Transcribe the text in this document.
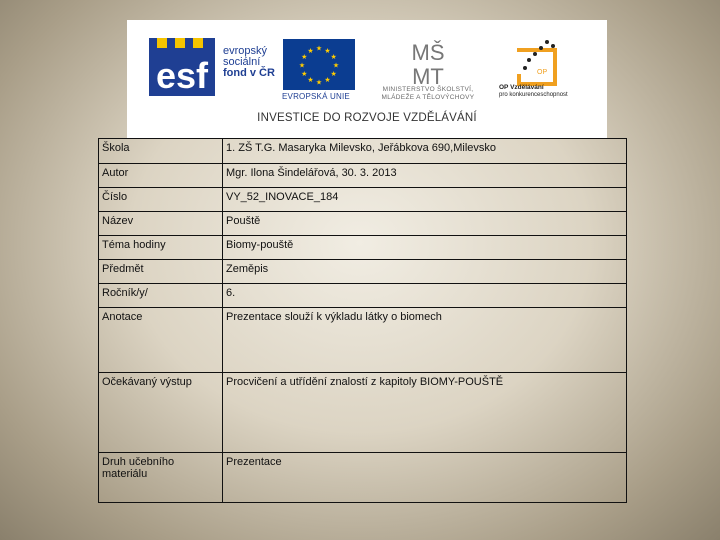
esf
evropský
sociální
fond v ČR
★ ★
★
★
★
★
★
★
★
★
★
★
EVROPSKÁ UNIE
MŠ
MT
MINISTERSTVO ŠKOLSTVÍ,
MLÁDEŽE A TĚLOVÝCHOVY
OP
OP Vzdělávání
pro konkurenceschopnost
INVESTICE DO ROZVOJE VZDĚLÁVÁNÍ
Škola	1. ZŠ T.G. Masaryka Milevsko, Jeřábkova 690,Milevsko
Autor	Mgr. Ilona Šindelářová, 30. 3. 2013
Číslo	VY_52_INOVACE_184
Název	Pouště
Téma hodiny	Biomy-pouště
Předmět	Zeměpis
Ročník/y/	6.
Anotace	Prezentace slouží k výkladu látky o biomech
Očekávaný výstup	Procvičení a utřídění znalostí z kapitoly BIOMY-POUŠTĚ
Druh učebního materiálu	Prezentace
